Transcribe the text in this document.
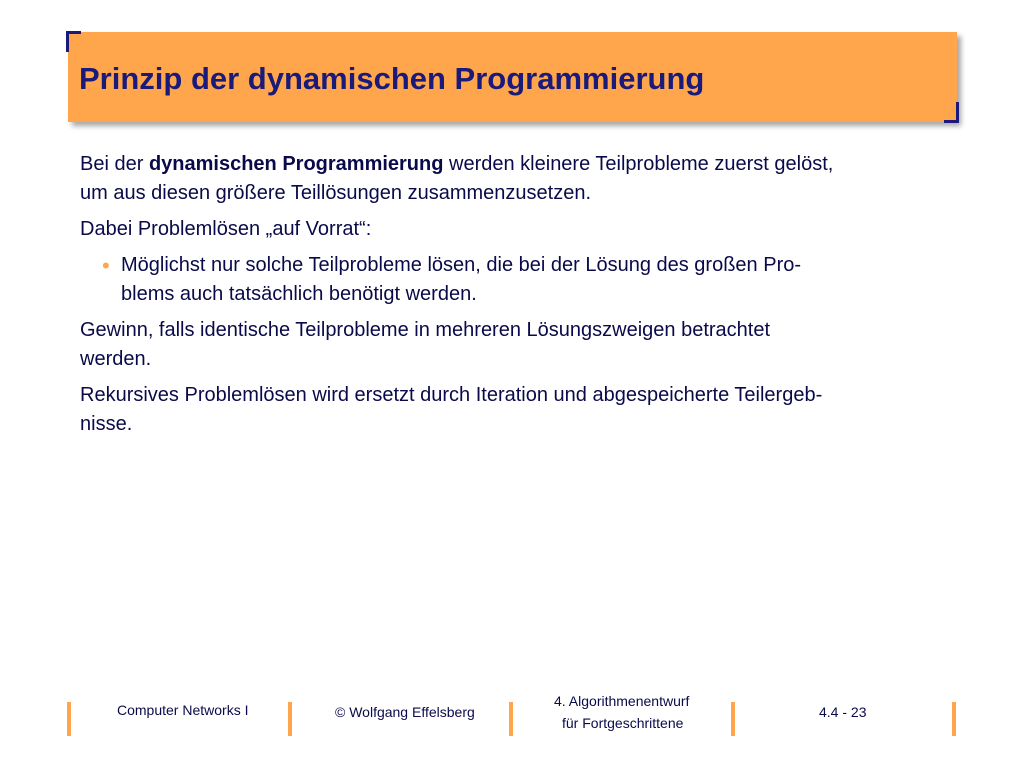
Prinzip der dynamischen Programmierung

Bei der dynamischen Programmierung werden kleinere Teilprobleme zuerst gelöst,
um aus diesen größere Teillösungen zusammenzusetzen.

Dabei Problemlösen „auf Vorrat“:

• Möglichst nur solche Teilprobleme lösen, die bei der Lösung des großen Pro-
blems auch tatsächlich benötigt werden.

Gewinn, falls identische Teilprobleme in mehreren Lösungszweigen betrachtet
werden.

Rekursives Problemlösen wird ersetzt durch Iteration und abgespeicherte Teilergeb-
nisse.

Computer Networks I	© Wolfgang Effelsberg
4. Algorithmenentwurf
für Fortgeschrittene
4.4 - 23
